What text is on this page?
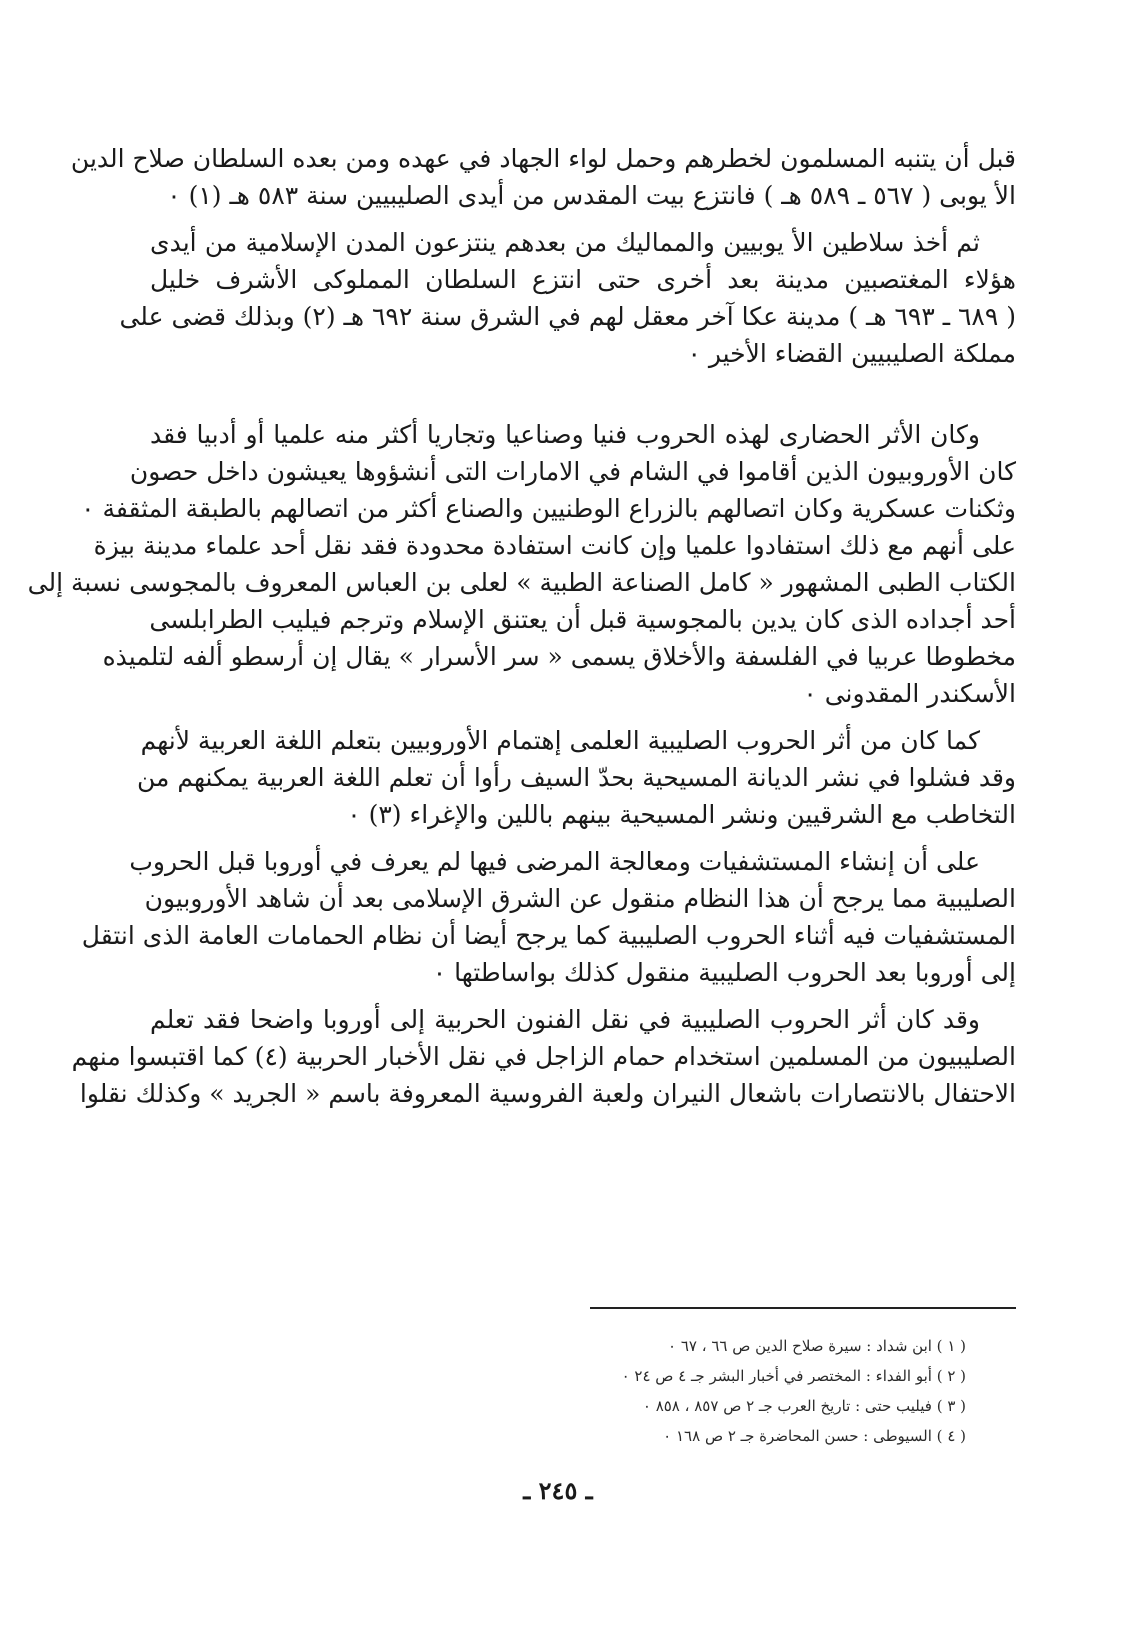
قبل أن يتنبه المسلمون لخطرهم وحمل لواء الجهاد في عهده ومن بعده السلطان صلاح الدين
الأ يوبى ( ٥٦٧ ـ ٥٨٩ هـ ) فانتزع بيت المقدس من أيدى الصليبيين سنة ٥٨٣ هـ (١) ٠

ثم أخذ سلاطين الأ يوبيين والمماليك من بعدهم ينتزعون المدن الإسلامية من أيدى
هؤلاء المغتصبين مدينة بعد أخرى حتى انتزع السلطان المملوكى الأشرف خليل
( ٦٨٩ ـ ٦٩٣ هـ ) مدينة عكا آخر معقل لهم في الشرق سنة ٦٩٢ هـ (٢) وبذلك قضى على
مملكة الصليبيين القضاء الأخير ٠

وكان الأثر الحضارى لهذه الحروب فنيا وصناعيا وتجاريا أكثر منه علميا أو أدبيا فقد
كان الأوروبيون الذين أقاموا في الشام في الامارات التى أنشؤوها يعيشون داخل حصون
وثكنات عسكرية وكان اتصالهم بالزراع الوطنيين والصناع أكثر من اتصالهم بالطبقة المثقفة ٠
على أنهم مع ذلك استفادوا علميا وإن كانت استفادة محدودة فقد نقل أحد علماء مدينة بيزة
الكتاب الطبى المشهور « كامل الصناعة الطبية » لعلى بن العباس المعروف بالمجوسى نسبة إلى
أحد أجداده الذى كان يدين بالمجوسية قبل أن يعتنق الإسلام وترجم فيليب الطرابلسى
مخطوطا عربيا في الفلسفة والأخلاق يسمى « سر الأسرار » يقال إن أرسطو ألفه لتلميذه
الأسكندر المقدونى ٠

كما كان من أثر الحروب الصليبية العلمى إهتمام الأوروبيين بتعلم اللغة العربية لأنهم
وقد فشلوا في نشر الديانة المسيحية بحدّ السيف رأوا أن تعلم اللغة العربية يمكنهم من
التخاطب مع الشرقيين ونشر المسيحية بينهم باللين والإغراء (٣) ٠

على أن إنشاء المستشفيات ومعالجة المرضى فيها لم يعرف في أوروبا قبل الحروب
الصليبية مما يرجح أن هذا النظام منقول عن الشرق الإسلامى بعد أن شاهد الأوروبيون
المستشفيات فيه أثناء الحروب الصليبية كما يرجح أيضا أن نظام الحمامات العامة الذى انتقل
إلى أوروبا بعد الحروب الصليبية منقول كذلك بواساطتها ٠

وقد كان أثر الحروب الصليبية في نقل الفنون الحربية إلى أوروبا واضحا فقد تعلم
الصليبيون من المسلمين استخدام حمام الزاجل في نقل الأخبار الحربية (٤) كما اقتبسوا منهم
الاحتفال بالانتصارات باشعال النيران ولعبة الفروسية المعروفة باسم « الجريد » وكذلك نقلوا

( ١ ) ابن شداد : سيرة صلاح الدين ص ٦٦ ، ٦٧ ٠
( ٢ ) أبو الفداء : المختصر في أخبار البشر جـ ٤ ص ٢٤ ٠
( ٣ ) فيليب حتى : تاريخ العرب جـ ٢ ص ٨٥٧ ، ٨٥٨ ٠
( ٤ ) السيوطى : حسن المحاضرة جـ ٢ ص ١٦٨ ٠
ـ ٢٤٥ ـ
